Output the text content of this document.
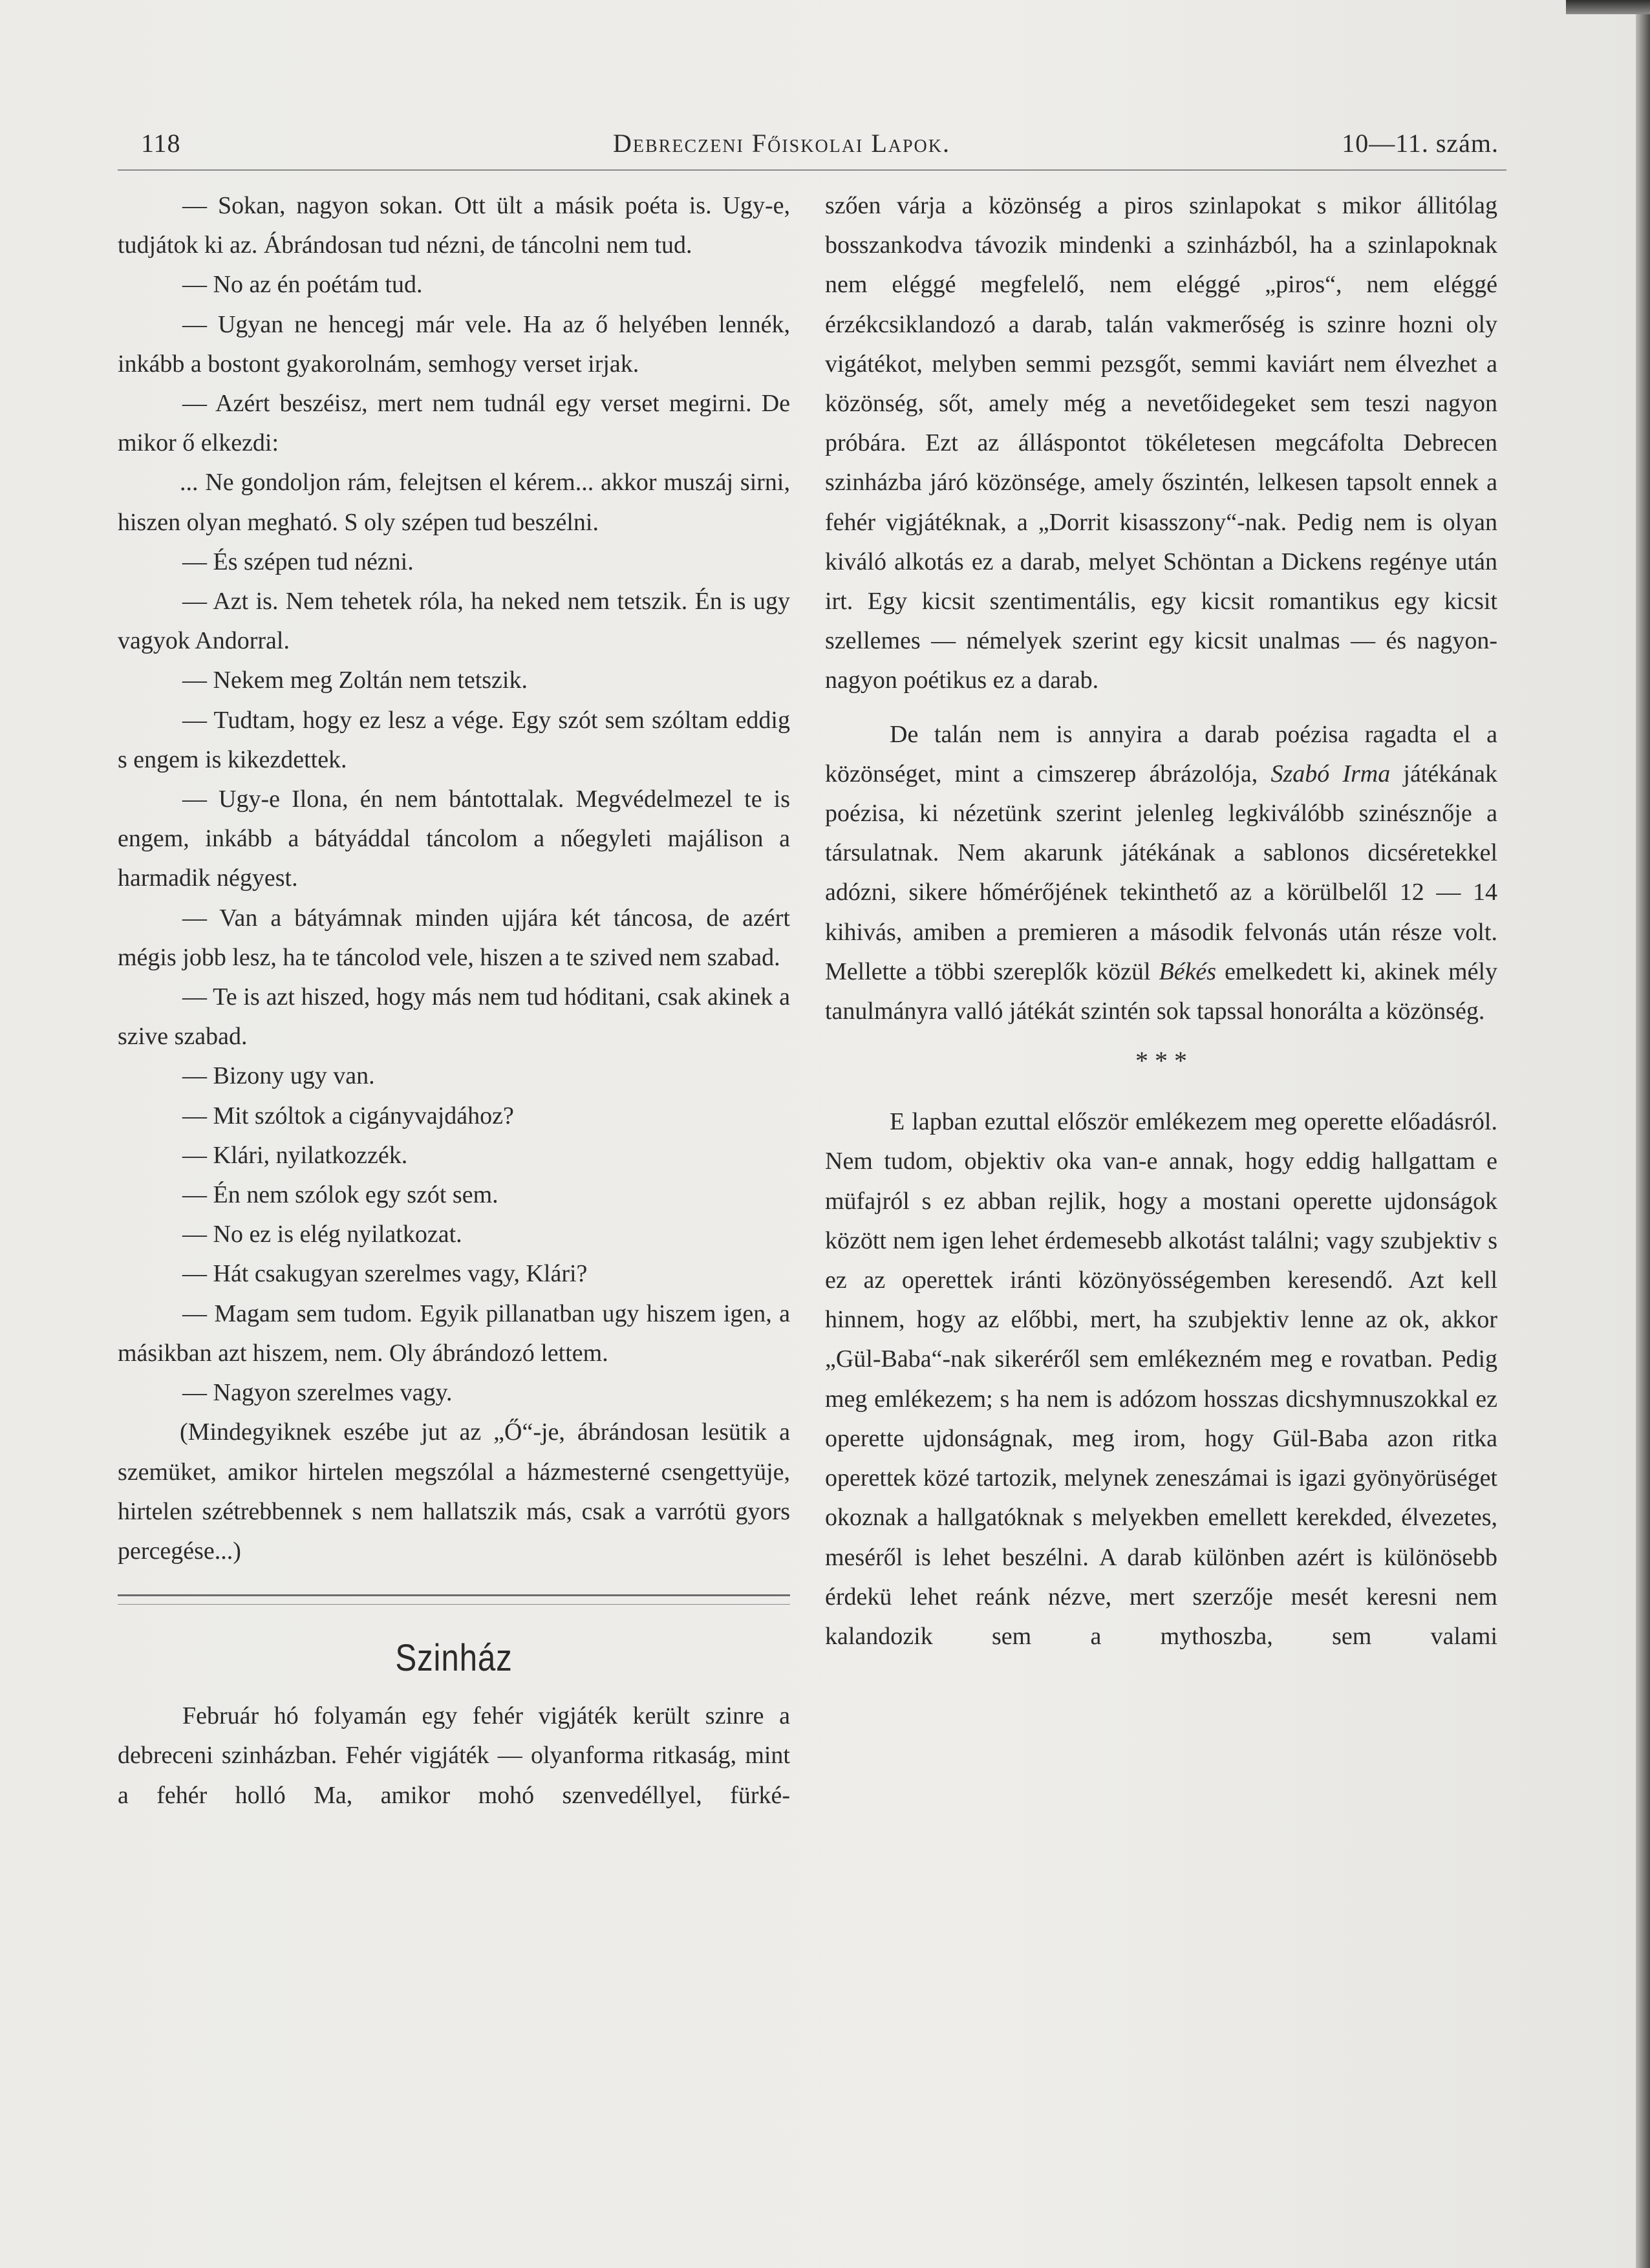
118	Debreczeni Főiskolai Lapok.	10—11. szám.

— Sokan, nagyon sokan. Ott ült a másik poéta is. Ugy-e, tudjátok ki az. Ábrándosan tud nézni, de táncolni nem tud.

— No az én poétám tud.

— Ugyan ne hencegj már vele. Ha az ő helyében lennék, inkább a bostont gyakorolnám, semhogy verset irjak.

— Azért beszéisz, mert nem tudnál egy verset megirni. De mikor ő elkezdi:

... Ne gondoljon rám, felejtsen el kérem... akkor muszáj sirni, hiszen olyan megható. S oly szépen tud beszélni.

— És szépen tud nézni.

— Azt is. Nem tehetek róla, ha neked nem tetszik. Én is ugy vagyok Andorral.

— Nekem meg Zoltán nem tetszik.

— Tudtam, hogy ez lesz a vége. Egy szót sem szóltam eddig s engem is kikezdettek.

— Ugy-e Ilona, én nem bántottalak. Megvédelmezel te is engem, inkább a bátyáddal táncolom a nőegyleti majálison a harmadik négyest.

— Van a bátyámnak minden ujjára két táncosa, de azért mégis jobb lesz, ha te táncolod vele, hiszen a te szived nem szabad.

— Te is azt hiszed, hogy más nem tud hóditani, csak akinek a szive szabad.

— Bizony ugy van.

— Mit szóltok a cigányvajdához?

— Klári, nyilatkozzék.

— Én nem szólok egy szót sem.

— No ez is elég nyilatkozat.

— Hát csakugyan szerelmes vagy, Klári?

— Magam sem tudom. Egyik pillanatban ugy hiszem igen, a másikban azt hiszem, nem. Oly ábrándozó lettem.

— Nagyon szerelmes vagy.

(Mindegyiknek eszébe jut az „Ő“-je, ábrándosan lesütik a szemüket, amikor hirtelen megszólal a házmesterné csengettyüje, hirtelen szétrebbennek s nem hallatszik más, csak a varrótü gyors percegése...)

Szinház

Február hó folyamán egy fehér vigjáték került szinre a debreceni szinházban. Fehér vigjáték — olyanforma ritkaság, mint a fehér holló Ma, amikor mohó szenvedéllyel, fürké-

szően várja a közönség a piros szinlapokat s mikor állitólag bosszankodva távozik mindenki a szinházból, ha a szinlapoknak nem eléggé megfelelő, nem eléggé „piros“, nem eléggé érzékcsiklandozó a darab, talán vakmerőség is szinre hozni oly vigátékot, melyben semmi pezsgőt, semmi kaviárt nem élvezhet a közönség, sőt, amely még a nevetőidegeket sem teszi nagyon próbára. Ezt az álláspontot tökéletesen megcáfolta Debrecen szinházba járó közönsége, amely őszintén, lelkesen tapsolt ennek a fehér vigjátéknak, a „Dorrit kisasszony“-nak. Pedig nem is olyan kiváló alkotás ez a darab, melyet Schöntan a Dickens regénye után irt. Egy kicsit szentimentális, egy kicsit romantikus egy kicsit szellemes — némelyek szerint egy kicsit unalmas — és nagyon-nagyon poétikus ez a darab.

De talán nem is annyira a darab poézisa ragadta el a közönséget, mint a cimszerep ábrázolója, Szabó Irma játékának poézisa, ki nézetünk szerint jelenleg legkiválóbb szinésznője a társulatnak. Nem akarunk játékának a sablonos dicséretekkel adózni, sikere hőmérőjének tekinthető az a körülbelől 12 — 14 kihivás, amiben a premieren a második felvonás után része volt. Mellette a többi szereplők közül Békés emelkedett ki, akinek mély tanulmányra valló játékát szintén sok tapssal honorálta a közönség.

* * *

E lapban ezuttal először emlékezem meg operette előadásról. Nem tudom, objektiv oka van-e annak, hogy eddig hallgattam e müfajról s ez abban rejlik, hogy a mostani operette ujdonságok között nem igen lehet érdemesebb alkotást találni; vagy szubjektiv s ez az operettek iránti közönyösségemben keresendő. Azt kell hinnem, hogy az előbbi, mert, ha szubjektiv lenne az ok, akkor „Gül-Baba“-nak sikeréről sem emlékezném meg e rovatban. Pedig meg emlékezem; s ha nem is adózom hosszas dicshymnuszokkal ez operette ujdonságnak, meg irom, hogy Gül-Baba azon ritka operettek közé tartozik, melynek zeneszámai is igazi gyönyörüséget okoznak a hallgatóknak s melyekben emellett kerekded, élvezetes, meséről is lehet beszélni. A darab különben azért is különösebb érdekü lehet reánk nézve, mert szerzője mesét keresni nem kalandozik sem a mythoszba, sem valami
